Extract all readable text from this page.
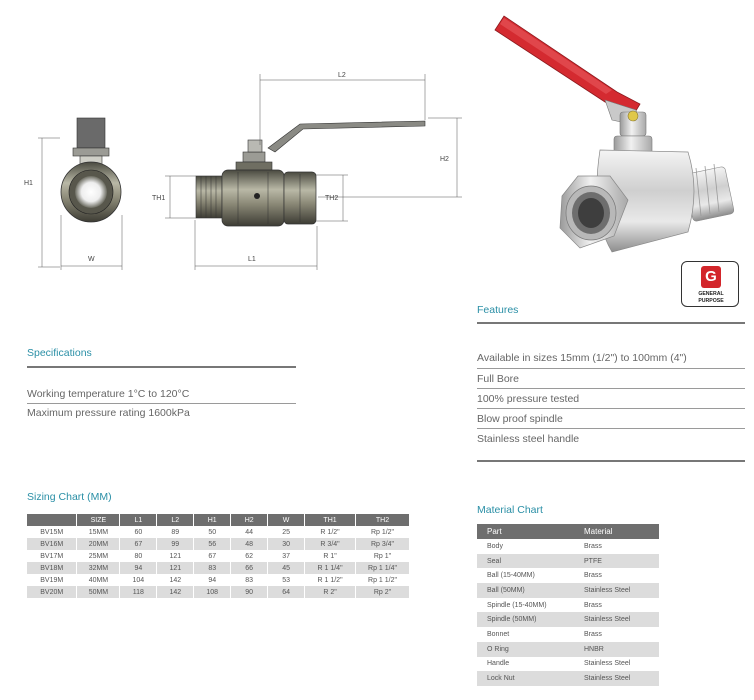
H1
W
L2
H2
TH1	TH2
L1
G
GENERAL
PURPOSE
Features
Available in sizes 15mm (1/2") to 100mm (4")
Full Bore
100% pressure tested
Blow proof spindle
Stainless steel handle
Specifications
Working temperature 1°C to 120°C
Maximum pressure rating 1600kPa
Sizing Chart (MM)
	SIZE	L1	L2	H1	H2	W	TH1	TH2
BV15M	15MM	60	89	50	44	25	R 1/2"	Rp 1/2"
BV16M	20MM	67	99	56	48	30	R 3/4"	Rp 3/4"
BV17M	25MM	80	121	67	62	37	R 1"	Rp 1"
BV18M	32MM	94	121	83	66	45	R 1 1/4"	Rp 1 1/4"
BV19M	40MM	104	142	94	83	53	R 1 1/2"	Rp 1 1/2"
BV20M	50MM	118	142	108	90	64	R 2"	Rp 2"
Material Chart
Part	Material
Body	Brass
Seal	PTFE
Ball (15-40MM)	Brass
Ball (50MM)	Stainless Steel
Spindle (15-40MM)	Brass
Spindle (50MM)	Stainless Steel
Bonnet	Brass
O Ring	HNBR
Handle	Stainless Steel
Lock Nut	Stainless Steel
